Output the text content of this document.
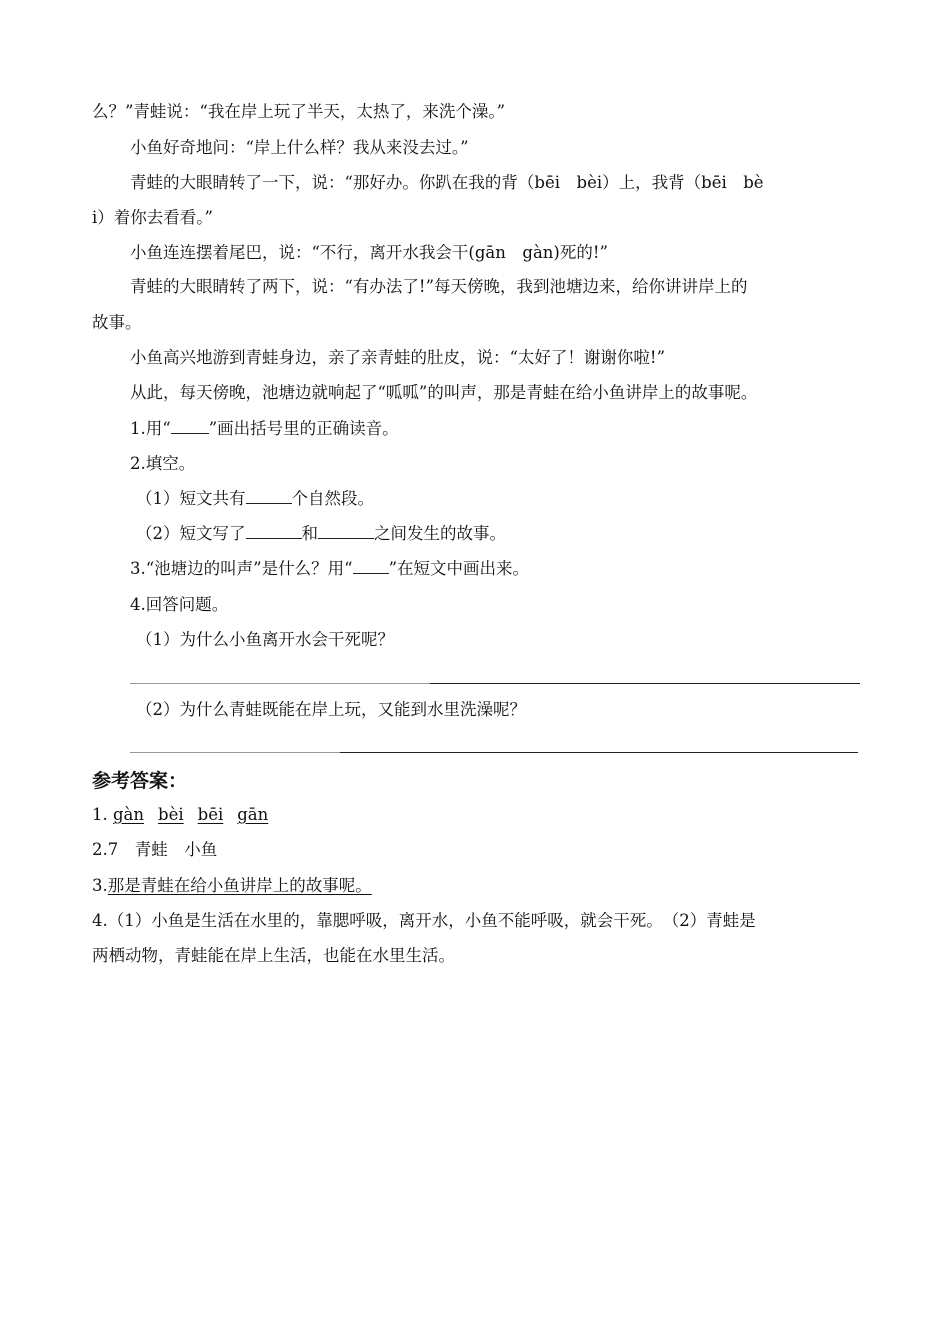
么？”青蛙说：“我在岸上玩了半天，太热了，来洗个澡。”
小鱼好奇地问：“岸上什么样？我从来没去过。”
青蛙的大眼睛转了一下，说：“那好办。你趴在我的背（bēi　bèi）上，我背（bēi　bè
i）着你去看看。”
小鱼连连摆着尾巴，说：“不行，离开水我会干(gān　gàn)死的!”
青蛙的大眼睛转了两下，说：“有办法了!”每天傍晚，我到池塘边来，给你讲讲岸上的
故事。
小鱼高兴地游到青蛙身边，亲了亲青蛙的肚皮，说：“太好了！谢谢你啦!”
从此，每天傍晚，池塘边就响起了“呱呱”的叫声，那是青蛙在给小鱼讲岸上的故事呢。
1.用“ ”画出括号里的正确读音。
2.填空。
（1）短文共有	个自然段。
（2）短文写了	和	之间发生的故事。
3.“池塘边的叫声”是什么？用“ ”在短文中画出来。
4.回答问题。
（1）为什么小鱼离开水会干死呢？
（2）为什么青蛙既能在岸上玩，又能到水里洗澡呢？
参考答案：
1. gàn bèi bēi gān
2.7　青蛙　小鱼
3.那是青蛙在给小鱼讲岸上的故事呢。
4.（1）小鱼是生活在水里的，靠腮呼吸，离开水，小鱼不能呼吸，就会干死。　（2）青蛙是
两栖动物，青蛙能在岸上生活，也能在水里生活。
